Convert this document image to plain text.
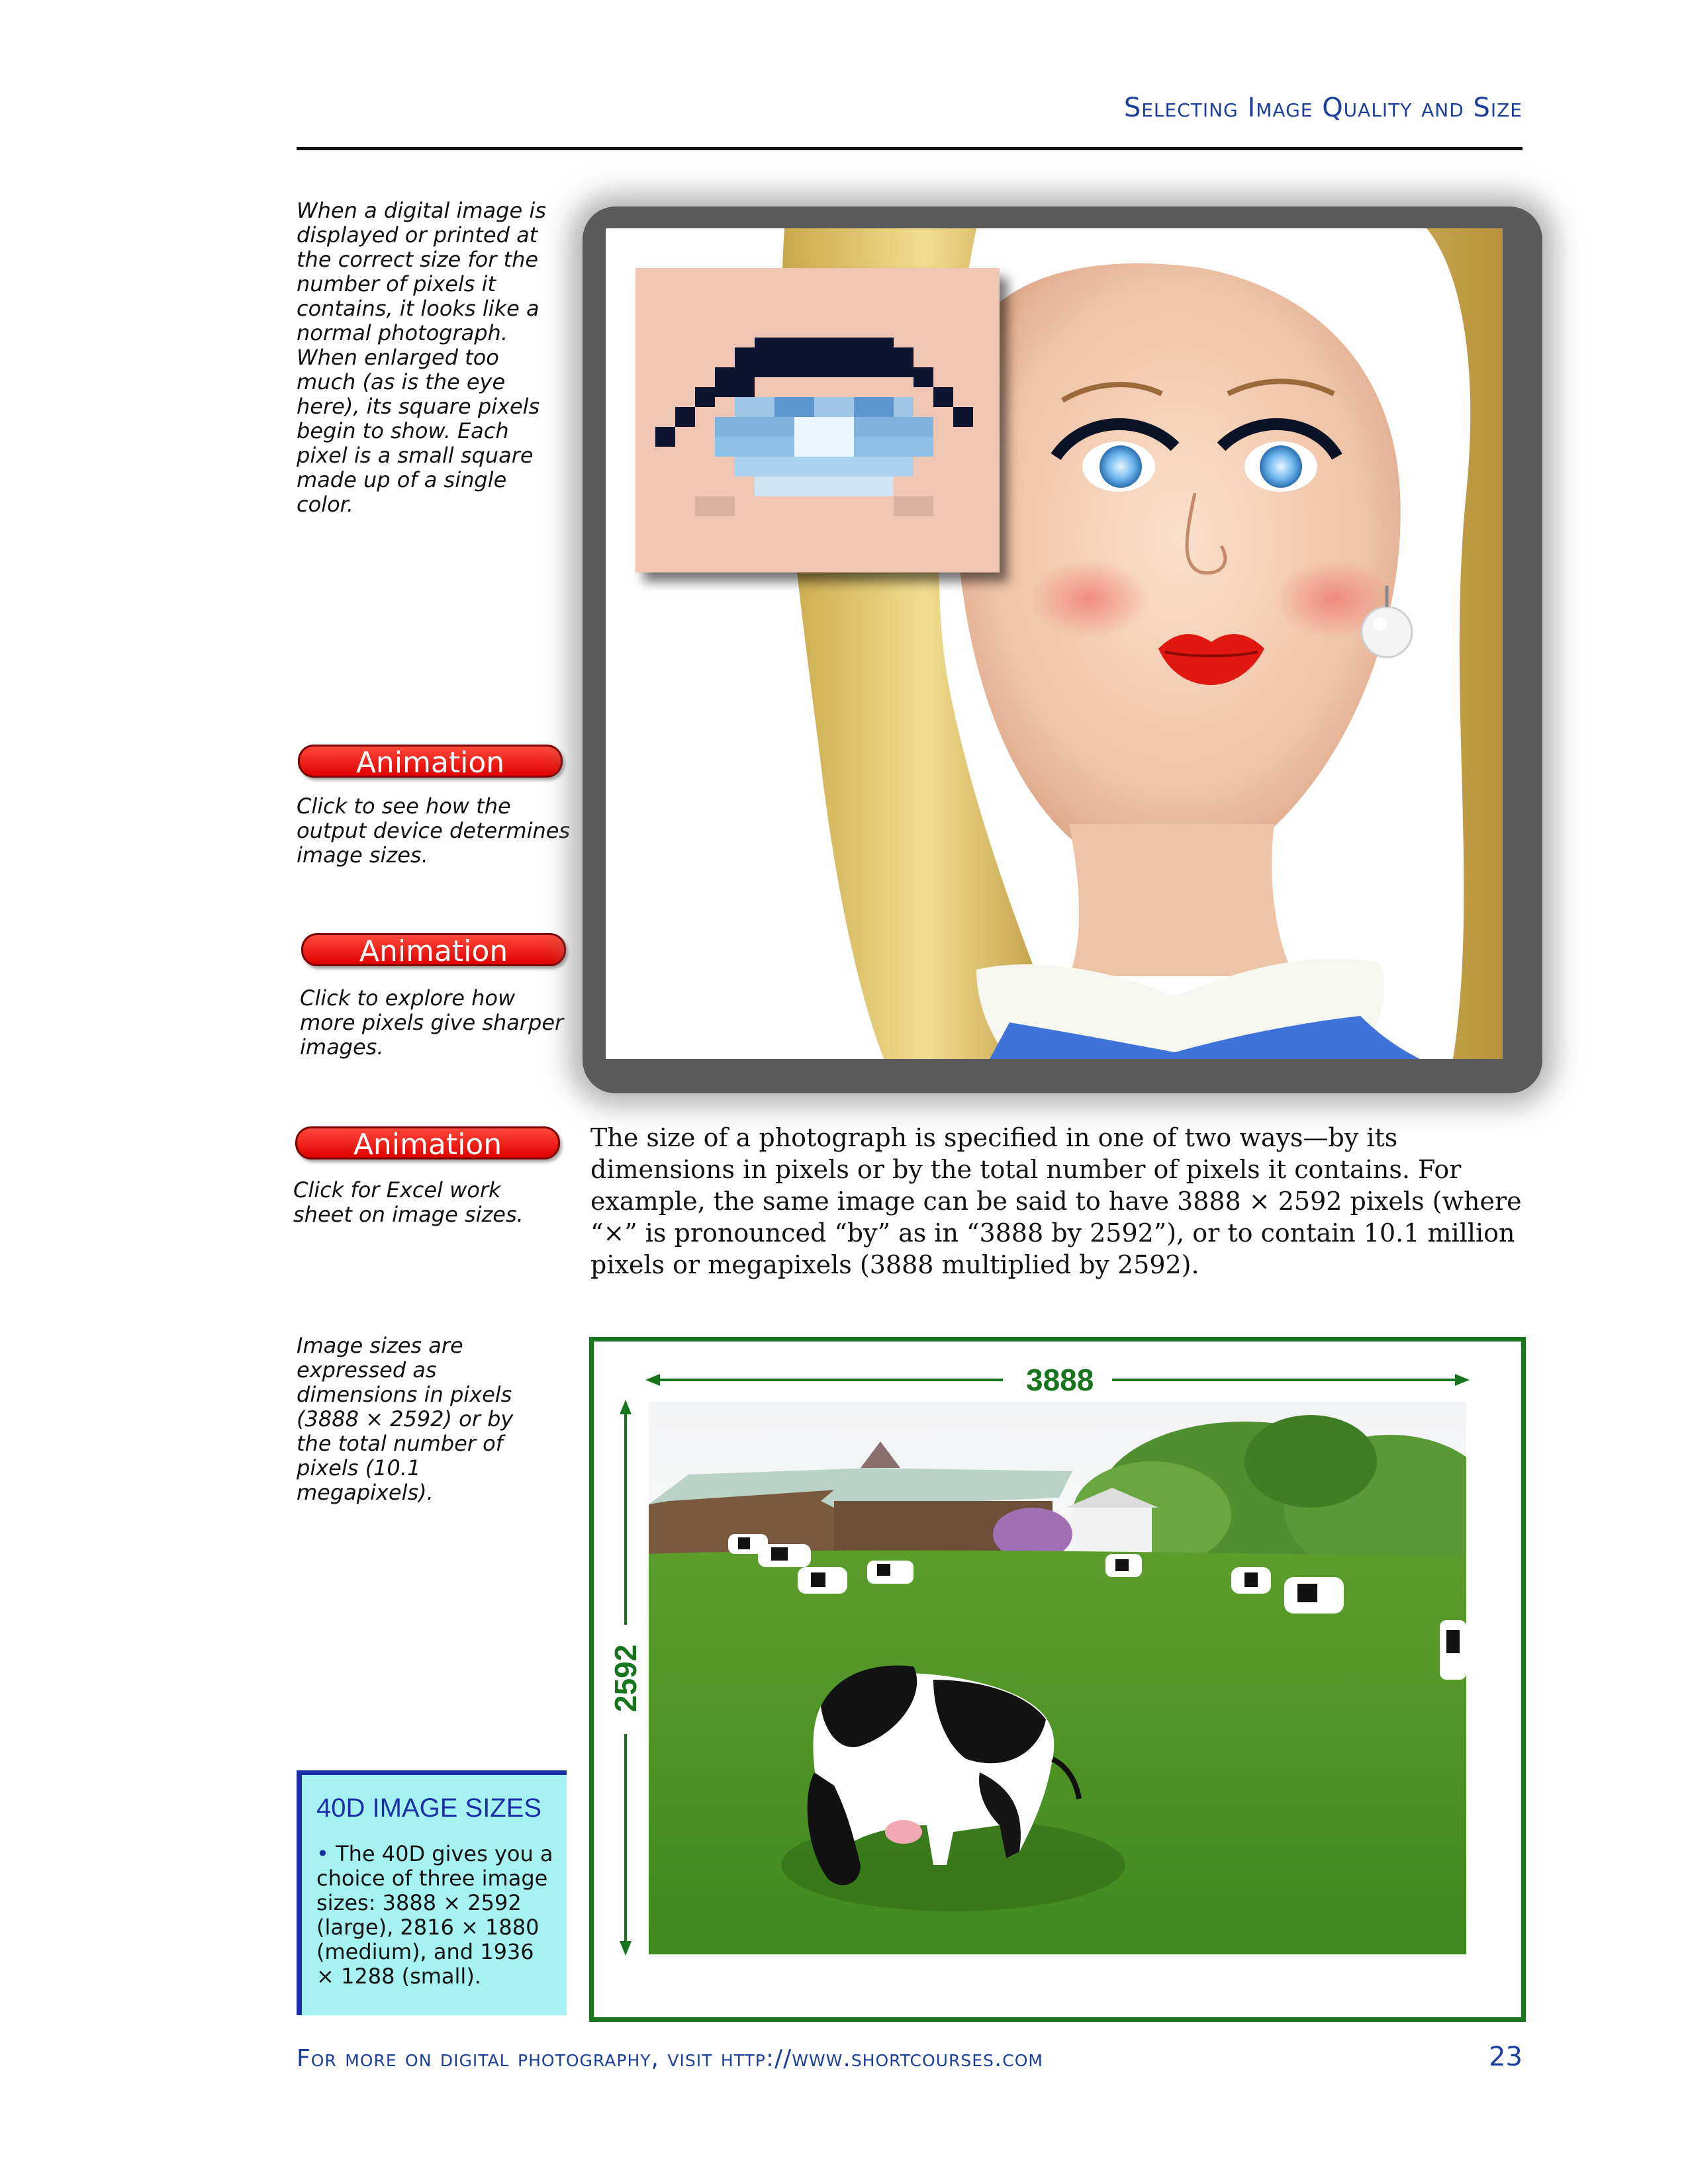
Selecting Image Quality and Size
When a digital image is displayed or printed at the correct size for the number of pixels it contains, it looks like a normal photograph. When enlarged too much (as is the eye here), its square pixels begin to show. Each pixel is a small square made up of a single color.
Animation
Click to see how the output device determines image sizes.
Animation
Click to explore how more pixels give sharper images.
Animation
Click for Excel work sheet on image sizes.
The size of a photograph is specified in one of two ways—by its dimensions in pixels or by the total number of pixels it contains. For example, the same image can be said to have 3888 × 2592 pixels (where “×” is pronounced “by” as in “3888 by 2592”), or to contain 10.1 million pixels or megapixels (3888 multiplied by 2592).
Image sizes are expressed as dimensions in pixels (3888 × 2592) or by the total number of pixels (10.1 megapixels).
3888
2592
40D IMAGE SIZES
• The 40D gives you a choice of three image sizes: 3888 × 2592 (large), 2816 × 1880 (medium), and 1936 × 1288 (small).
For more on digital photography, visit http://www.shortcourses.com	23
